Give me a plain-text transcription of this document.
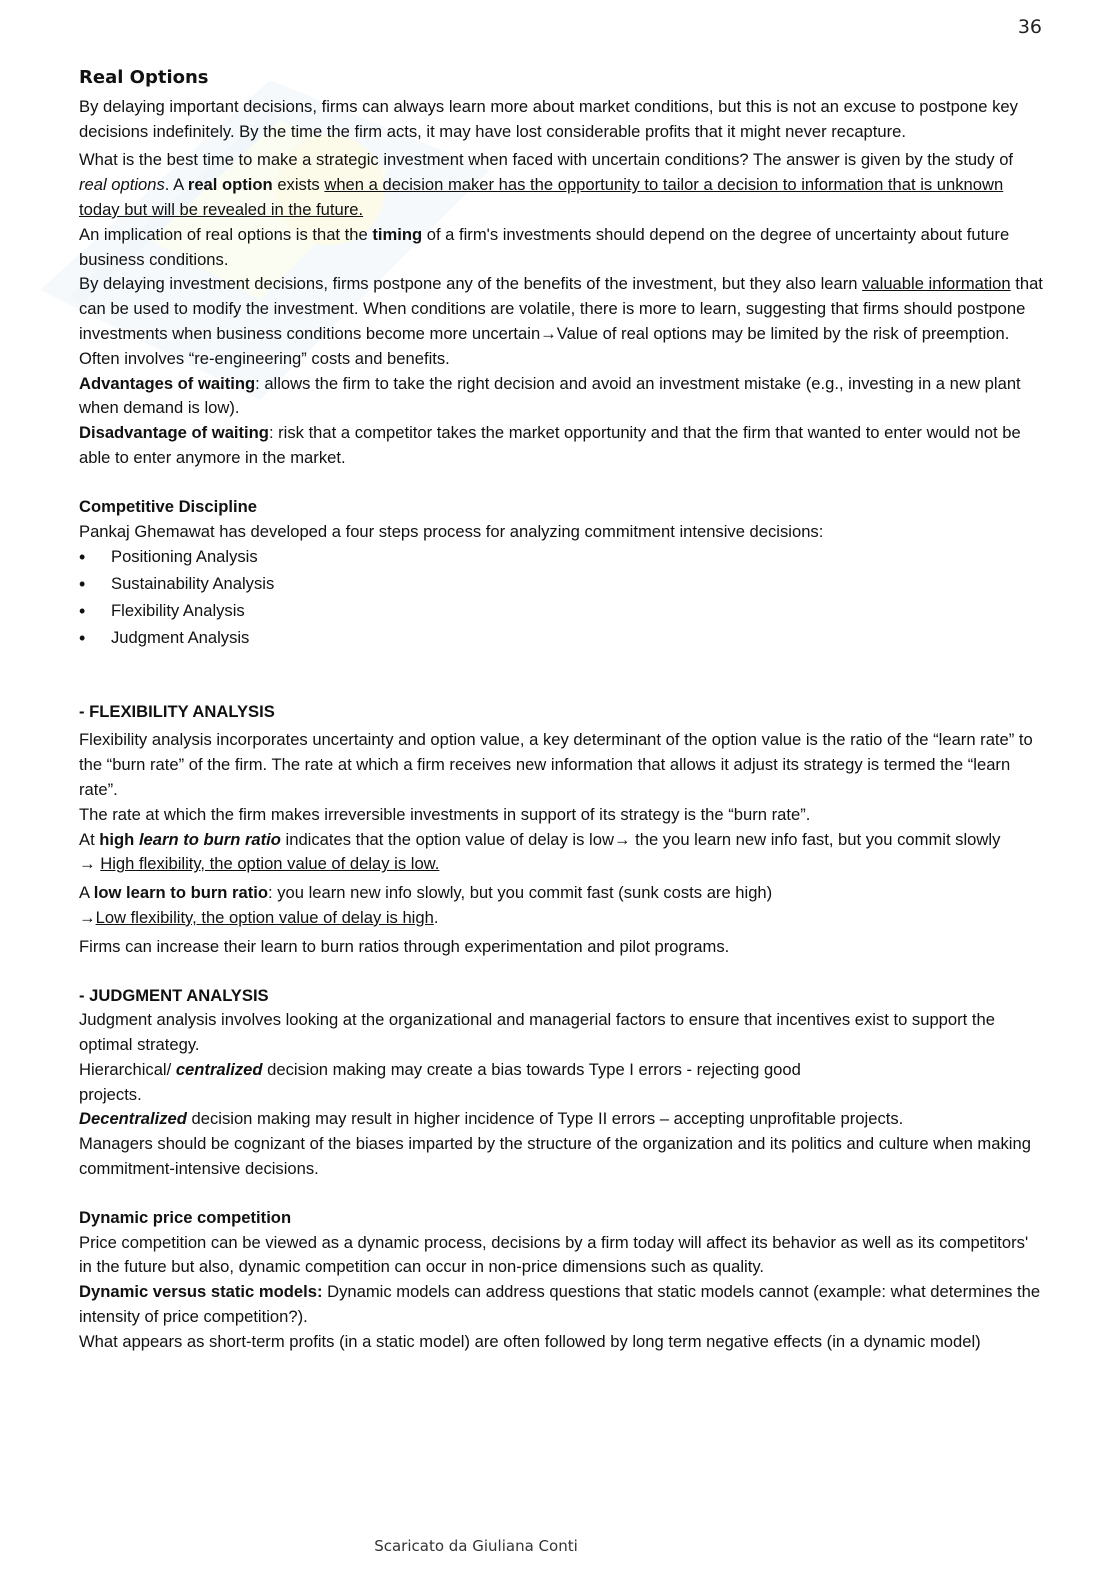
36

Real Options

By delaying important decisions, firms can always learn more about market conditions, but this is not an excuse to postpone key decisions indefinitely. By the time the firm acts, it may have lost considerable profits that it might never recapture.

What is the best time to make a strategic investment when faced with uncertain conditions? The answer is given by the study of real options. A real option exists when a decision maker has the opportunity to tailor a decision to information that is unknown today but will be revealed in the future.

An implication of real options is that the timing of a firm's investments should depend on the degree of uncertainty about future business conditions.

By delaying investment decisions, firms postpone any of the benefits of the investment, but they also learn valuable information that can be used to modify the investment. When conditions are volatile, there is more to learn, suggesting that firms should postpone investments when business conditions become more uncertain→Value of real options may be limited by the risk of preemption.

Often involves “re-engineering” costs and benefits.

Advantages of waiting: allows the firm to take the right decision and avoid an investment mistake (e.g., investing in a new plant when demand is low).

Disadvantage of waiting: risk that a competitor takes the market opportunity and that the firm that wanted to enter would not be able to enter anymore in the market.

Competitive Discipline

Pankaj Ghemawat has developed a four steps process for analyzing commitment intensive decisions:

• Positioning Analysis
• Sustainability Analysis
• Flexibility Analysis
• Judgment Analysis

- FLEXIBILITY ANALYSIS

Flexibility analysis incorporates uncertainty and option value, a key determinant of the option value is the ratio of the “learn rate” to the “burn rate” of the firm. The rate at which a firm receives new information that allows it adjust its strategy is termed the “learn rate”.

The rate at which the firm makes irreversible investments in support of its strategy is the “burn rate”.

At high learn to burn ratio indicates that the option value of delay is low→ the you learn new info fast, but you commit slowly

→ High flexibility, the option value of delay is low.

A low learn to burn ratio: you learn new info slowly, but you commit fast (sunk costs are high)

→Low flexibility, the option value of delay is high.

Firms can increase their learn to burn ratios through experimentation and pilot programs.

- JUDGMENT ANALYSIS

Judgment analysis involves looking at the organizational and managerial factors to ensure that incentives exist to support the optimal strategy.

Hierarchical/ centralized decision making may create a bias towards Type I errors - rejecting good
projects.

Decentralized decision making may result in higher incidence of Type II errors – accepting unprofitable projects.

Managers should be cognizant of the biases imparted by the structure of the organization and its politics and culture when making commitment-intensive decisions.

Dynamic price competition

Price competition can be viewed as a dynamic process, decisions by a firm today will affect its behavior as well as its competitors' in the future but also, dynamic competition can occur in non-price dimensions such as quality.

Dynamic versus static models: Dynamic models can address questions that static models cannot (example: what determines the intensity of price competition?).

What appears as short-term profits (in a static model) are often followed by long term negative effects (in a dynamic model)

Scaricato da Giuliana Conti
